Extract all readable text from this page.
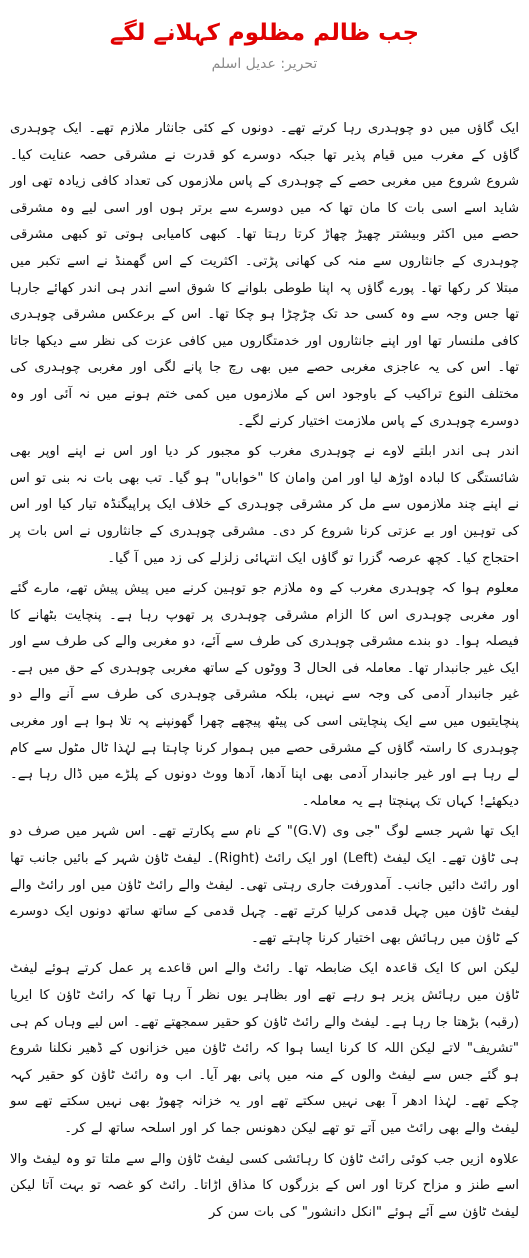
جب ظالم مظلوم کہلانے لگے
تحریر: عدیل اسلم

ایک گاؤں میں دو چوہدری رہا کرتے تھے۔ دونوں کے کئی جانثار ملازم تھے۔ ایک چوہدری گاؤں کے مغرب میں قیام پذیر تھا جبکہ دوسرے کو قدرت نے مشرقی حصہ عنایت کیا۔ شروع شروع میں مغربی حصے کے چوہدری کے پاس ملازموں کی تعداد کافی زیادہ تھی اور شاید اسے اسی بات کا مان تھا کہ میں دوسرے سے برتر ہوں اور اسی لیے وہ مشرقی حصے میں اکثر وبیشتر چھیڑ چھاڑ کرتا رہتا تھا۔ کبھی کامیابی ہوتی تو کبھی مشرقی چوہدری کے جانثاروں سے منہ کی کھانی پڑتی۔ اکثریت کے اس گھمنڈ نے اسے تکبر میں مبتلا کر رکھا تھا۔ پورے گاؤں پہ اپنا طوطی بلوانے کا شوق اسے اندر ہی اندر کھائے جارہا تھا جس وجہ سے وہ کسی حد تک چڑچڑا ہو چکا تھا۔ اس کے برعکس مشرقی چوہدری کافی ملنسار تھا اور اپنے جانثاروں اور خدمتگاروں میں کافی عزت کی نظر سے دیکھا جاتا تھا۔ اس کی یہ عاجزی مغربی حصے میں بھی رچ جا پانے لگی اور مغربی چوہدری کی مختلف النوع تراکیب کے باوجود اس کے ملازموں میں کمی ختم ہونے میں نہ آئی اور وہ دوسرے چوہدری کے پاس ملازمت اختیار کرنے لگے۔

اندر ہی اندر ابلتے لاوے نے چوہدری مغرب کو مجبور کر دیا اور اس نے اپنے اوپر بھی شائستگی کا لبادہ اوڑھ لیا اور امن وامان کا "خواباں" ہو گیا۔ تب بھی بات نہ بنی تو اس نے اپنے چند ملازموں سے مل کر مشرقی چوہدری کے خلاف ایک پراپیگنڈہ تیار کیا اور اس کی توہین اور بے عزتی کرنا شروع کر دی۔ مشرقی چوہدری کے جانثاروں نے اس بات پر احتجاج کیا۔ کچھ عرصہ گزرا تو گاؤں ایک انتہائی زلزلے کی زد میں آ گیا۔

معلوم ہوا کہ چوہدری مغرب کے وہ ملازم جو توہین کرنے میں پیش پیش تھے، مارے گئے اور مغربی چوہدری اس کا الزام مشرقی چوہدری پر تھوپ رہا ہے۔ پنچایت بٹھانے کا فیصلہ ہوا۔ دو بندے مشرقی چوہدری کی طرف سے آئے، دو مغربی والے کی طرف سے اور ایک غیر جانبدار تھا۔ معاملہ فی الحال 3 ووٹوں کے ساتھ مغربی چوہدری کے حق میں ہے۔ غیر جانبدار آدمی کی وجہ سے نہیں، بلکہ مشرقی چوہدری کی طرف سے آنے والے دو پنچایتیوں میں سے ایک پنچایتی اسی کی پیٹھ پیچھے چھرا گھونپنے پہ تلا ہوا ہے اور مغربی چوہدری کا راستہ گاؤں کے مشرقی حصے میں ہموار کرنا چاہتا ہے لہٰذا ٹال مٹول سے کام لے رہا ہے اور غیر جانبدار آدمی بھی اپنا آدھا، آدھا ووٹ دونوں کے پلڑے میں ڈال رہا ہے۔ دیکھئے! کہاں تک پہنچتا ہے یہ معاملہ۔

ایک تھا شہر جسے لوگ "جی وی (G.V)" کے نام سے پکارتے تھے۔ اس شہر میں صرف دو ہی ٹاؤن تھے۔ ایک لیفٹ (Left) اور ایک رائٹ (Right)۔ لیفٹ ٹاؤن شہر کے بائیں جانب تھا اور رائٹ دائیں جانب۔ آمدورفت جاری رہتی تھی۔ لیفٹ والے رائٹ ٹاؤن میں اور رائٹ والے لیفٹ ٹاؤن میں چہل قدمی کرلیا کرتے تھے۔ چہل قدمی کے ساتھ ساتھ دونوں ایک دوسرے کے ٹاؤن میں رہائش بھی اختیار کرنا چاہتے تھے۔

لیکن اس کا ایک قاعدہ ایک ضابطہ تھا۔ رائٹ والے اس قاعدے پر عمل کرتے ہوئے لیفٹ ٹاؤن میں رہائش پزیر ہو رہے تھے اور بظاہر یوں نظر آ رہا تھا کہ رائٹ ٹاؤن کا ایریا (رقبہ) بڑھتا جا رہا ہے۔ لیفٹ والے رائٹ ٹاؤن کو حقیر سمجھتے تھے۔ اس لیے وہاں کم ہی "تشریف" لاتے لیکن اللہ کا کرنا ایسا ہوا کہ رائٹ ٹاؤن میں خزانوں کے ڈھیر نکلنا شروع ہو گئے جس سے لیفٹ والوں کے منہ میں پانی بھر آیا۔ اب وہ رائٹ ٹاؤن کو حقیر کہہ چکے تھے۔ لہٰذا ادھر آ بھی نہیں سکتے تھے اور یہ خزانہ چھوڑ بھی نہیں سکتے تھے سو لیفٹ والے بھی رائٹ میں آتے تو تھے لیکن دھونس جما کر اور اسلحہ ساتھ لے کر۔

علاوہ ازیں جب کوئی رائٹ ٹاؤن کا رہائشی کسی لیفٹ ٹاؤن والے سے ملتا تو وہ لیفٹ والا اسے طنز و مزاح کرتا اور اس کے بزرگوں کا مذاق اڑاتا۔ رائٹ کو غصہ تو بہت آتا لیکن لیفٹ ٹاؤن سے آئے ہوئے "انکل دانشور" کی بات سن کر
